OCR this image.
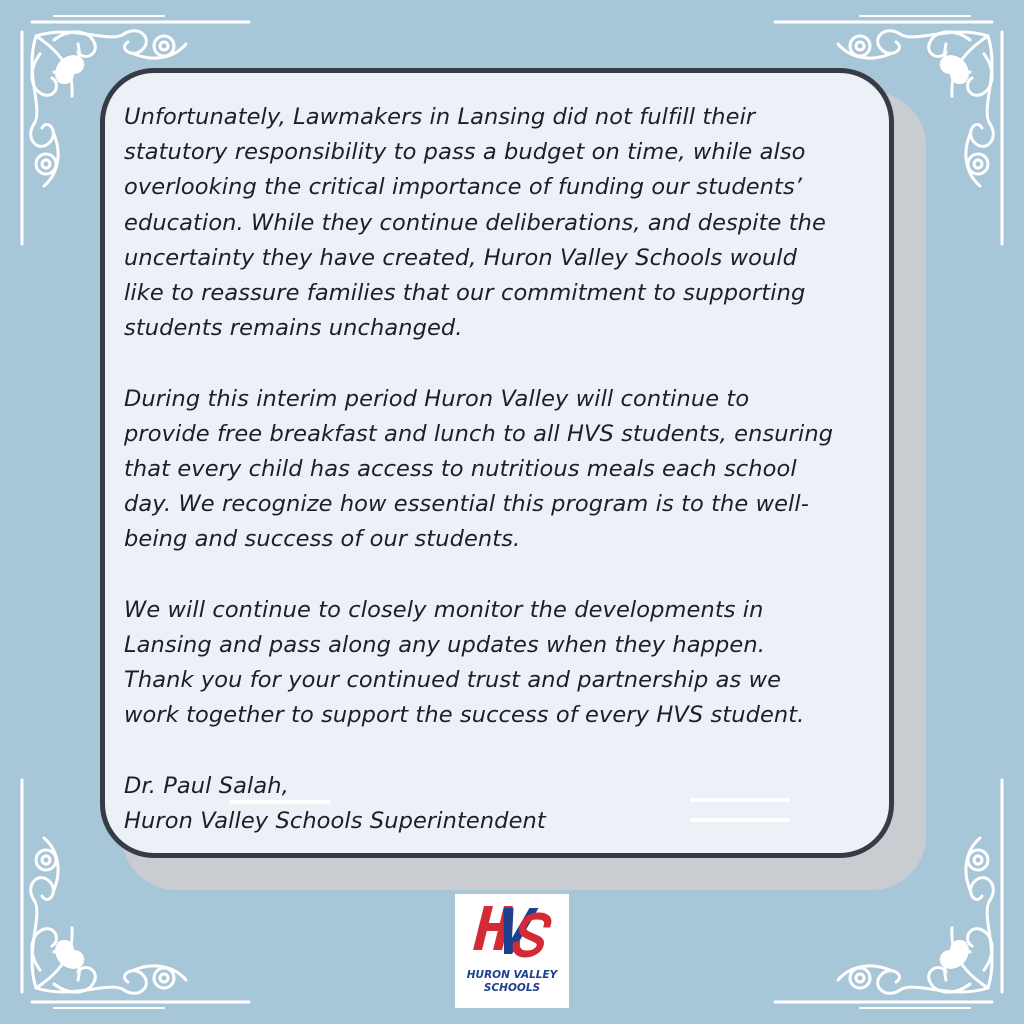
Unfortunately, Lawmakers in Lansing did not fulfill their
statutory responsibility to pass a budget on time, while also
overlooking the critical importance of funding our students’
education. While they continue deliberations, and despite the
uncertainty they have created, Huron Valley Schools would
like to reassure families that our commitment to supporting
students remains unchanged.

During this interim period Huron Valley will continue to
provide free breakfast and lunch to all HVS students, ensuring
that every child has access to nutritious meals each school
day. We recognize how essential this program is to the well-
being and success of our students.

We will continue to closely monitor the developments in
Lansing and pass along any updates when they happen.
Thank you for your continued trust and partnership as we
work together to support the success of every HVS student.

Dr. Paul Salah,
Huron Valley Schools Superintendent

HURON VALLEY
SCHOOLS
